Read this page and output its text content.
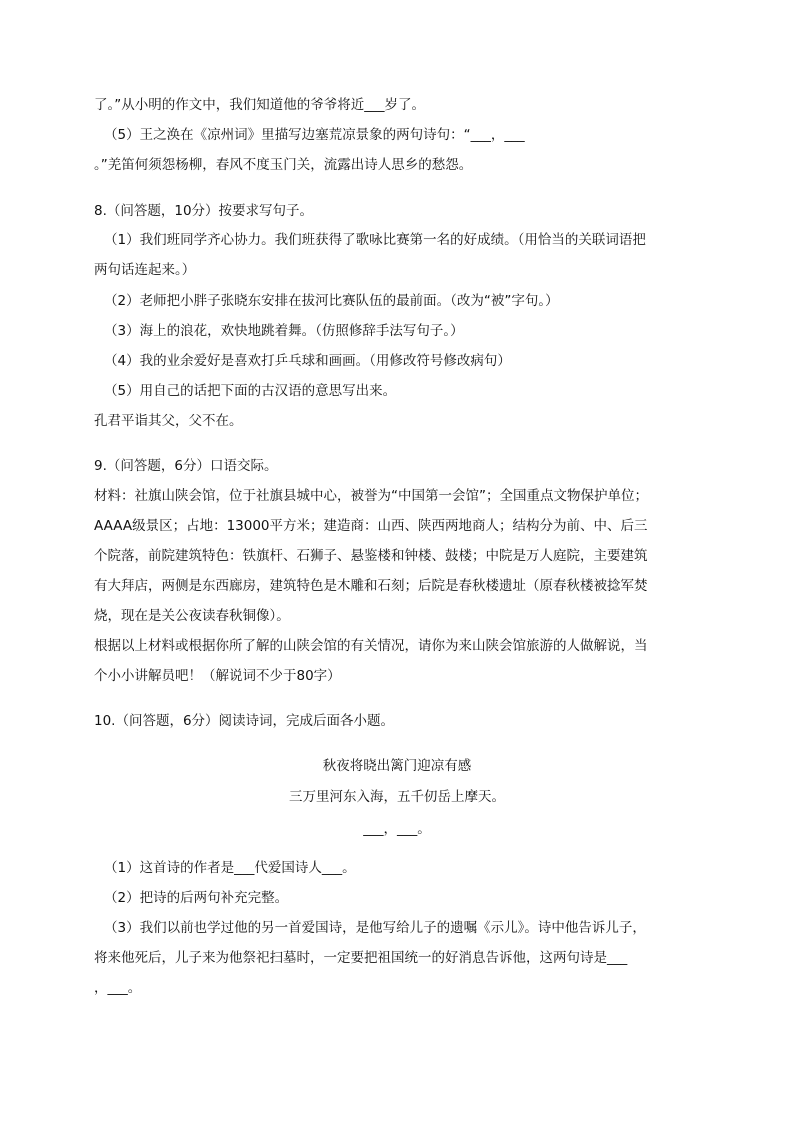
了。”从小明的作文中，我们知道他的爷爷将近___岁了。
（5）王之涣在《凉州词》里描写边塞荒凉景象的两句诗句：“___，___
。”羌笛何须怨杨柳，春风不度玉门关，流露出诗人思乡的愁怨。
8.（问答题，10分）按要求写句子。
（1）我们班同学齐心协力。我们班获得了歌咏比赛第一名的好成绩。（用恰当的关联词语把
两句话连起来。）
（2）老师把小胖子张晓东安排在拔河比赛队伍的最前面。（改为“被”字句。）
（3）海上的浪花，欢快地跳着舞。（仿照修辞手法写句子。）
（4）我的业余爱好是喜欢打乒乓球和画画。（用修改符号修改病句）
（5）用自己的话把下面的古汉语的意思写出来。
孔君平诣其父，父不在。
9.（问答题，6分）口语交际。
材料：社旗山陕会馆，位于社旗县城中心，被誉为“中国第一会馆”；全国重点文物保护单位；
AAAA级景区；占地：13000平方米；建造商：山西、陕西两地商人；结构分为前、中、后三
个院落，前院建筑特色：铁旗杆、石狮子、悬鉴楼和钟楼、鼓楼；中院是万人庭院，主要建筑
有大拜店，两侧是东西廊房，建筑特色是木雕和石刻；后院是春秋楼遗址（原春秋楼被捻军焚
烧，现在是关公夜读春秋铜像）。
根据以上材料或根据你所了解的山陕会馆的有关情况，请你为来山陕会馆旅游的人做解说，当
个小小讲解员吧！（解说词不少于80字）
10.（问答题，6分）阅读诗词，完成后面各小题。
秋夜将晓出篱门迎凉有感
三万里河东入海，五千仞岳上摩天。
___，___。
（1）这首诗的作者是___代爱国诗人___。
（2）把诗的后两句补充完整。
（3）我们以前也学过他的另一首爱国诗，是他写给儿子的遗嘱《示儿》。诗中他告诉儿子，
将来他死后，儿子来为他祭祀扫墓时，一定要把祖国统一的好消息告诉他，这两句诗是___
，___。
